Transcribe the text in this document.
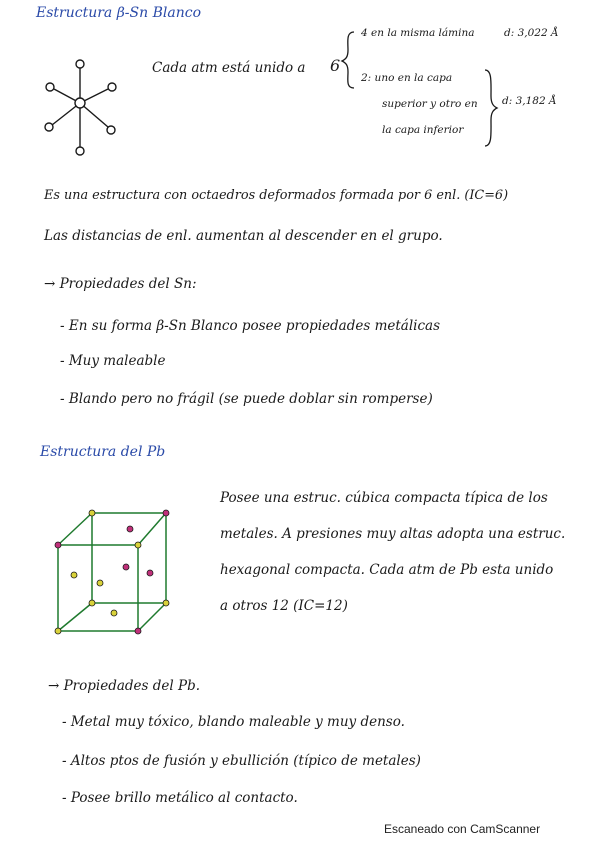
Estructura β-Sn Blanco
Cada atm está unido a 6
4 en la misma lámina	d: 3,022 Å
2: uno en la capa
superior y otro en
la capa inferior
d: 3,182 Å
Es una estructura con octaedros deformados formada por 6 enl. (IC=6)
Las distancias de enl. aumentan al descender en el grupo.
→ Propiedades del Sn:
- En su forma β-Sn Blanco posee propiedades metálicas
- Muy maleable
- Blando pero no frágil (se puede doblar sin romperse)
Estructura del Pb
Posee una estruc. cúbica compacta típica de los
metales. A presiones muy altas adopta una estruc.
hexagonal compacta. Cada atm de Pb esta unido
a otros 12 (IC=12)
→ Propiedades del Pb.
- Metal muy tóxico, blando maleable y muy denso.
- Altos ptos de fusión y ebullición (típico de metales)
- Posee brillo metálico al contacto.
Escaneado con CamScanner
